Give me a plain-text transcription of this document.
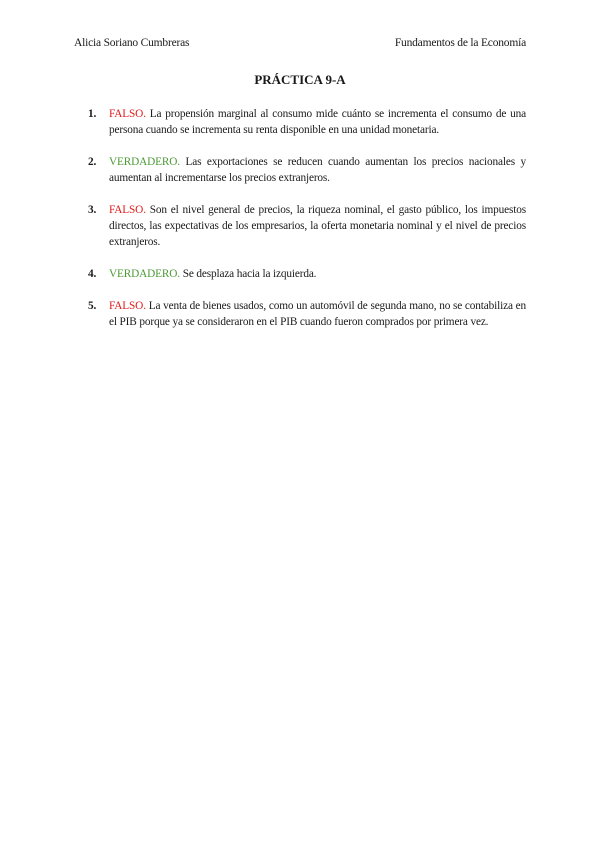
Alicia Soriano Cumbreras	Fundamentos de la Economía
PRÁCTICA 9-A
1.	FALSO. La propensión marginal al consumo mide cuánto se incrementa el consumo de una persona cuando se incrementa su renta disponible en una unidad monetaria.
2.	VERDADERO. Las exportaciones se reducen cuando aumentan los precios nacionales y aumentan al incrementarse los precios extranjeros.
3.	FALSO. Son el nivel general de precios, la riqueza nominal, el gasto público, los impuestos directos, las expectativas de los empresarios, la oferta monetaria nominal y el nivel de precios extranjeros.
4.	VERDADERO. Se desplaza hacia la izquierda.
5.	FALSO. La venta de bienes usados, como un automóvil de segunda mano, no se contabiliza en el PIB porque ya se consideraron en el PIB cuando fueron comprados por primera vez.
